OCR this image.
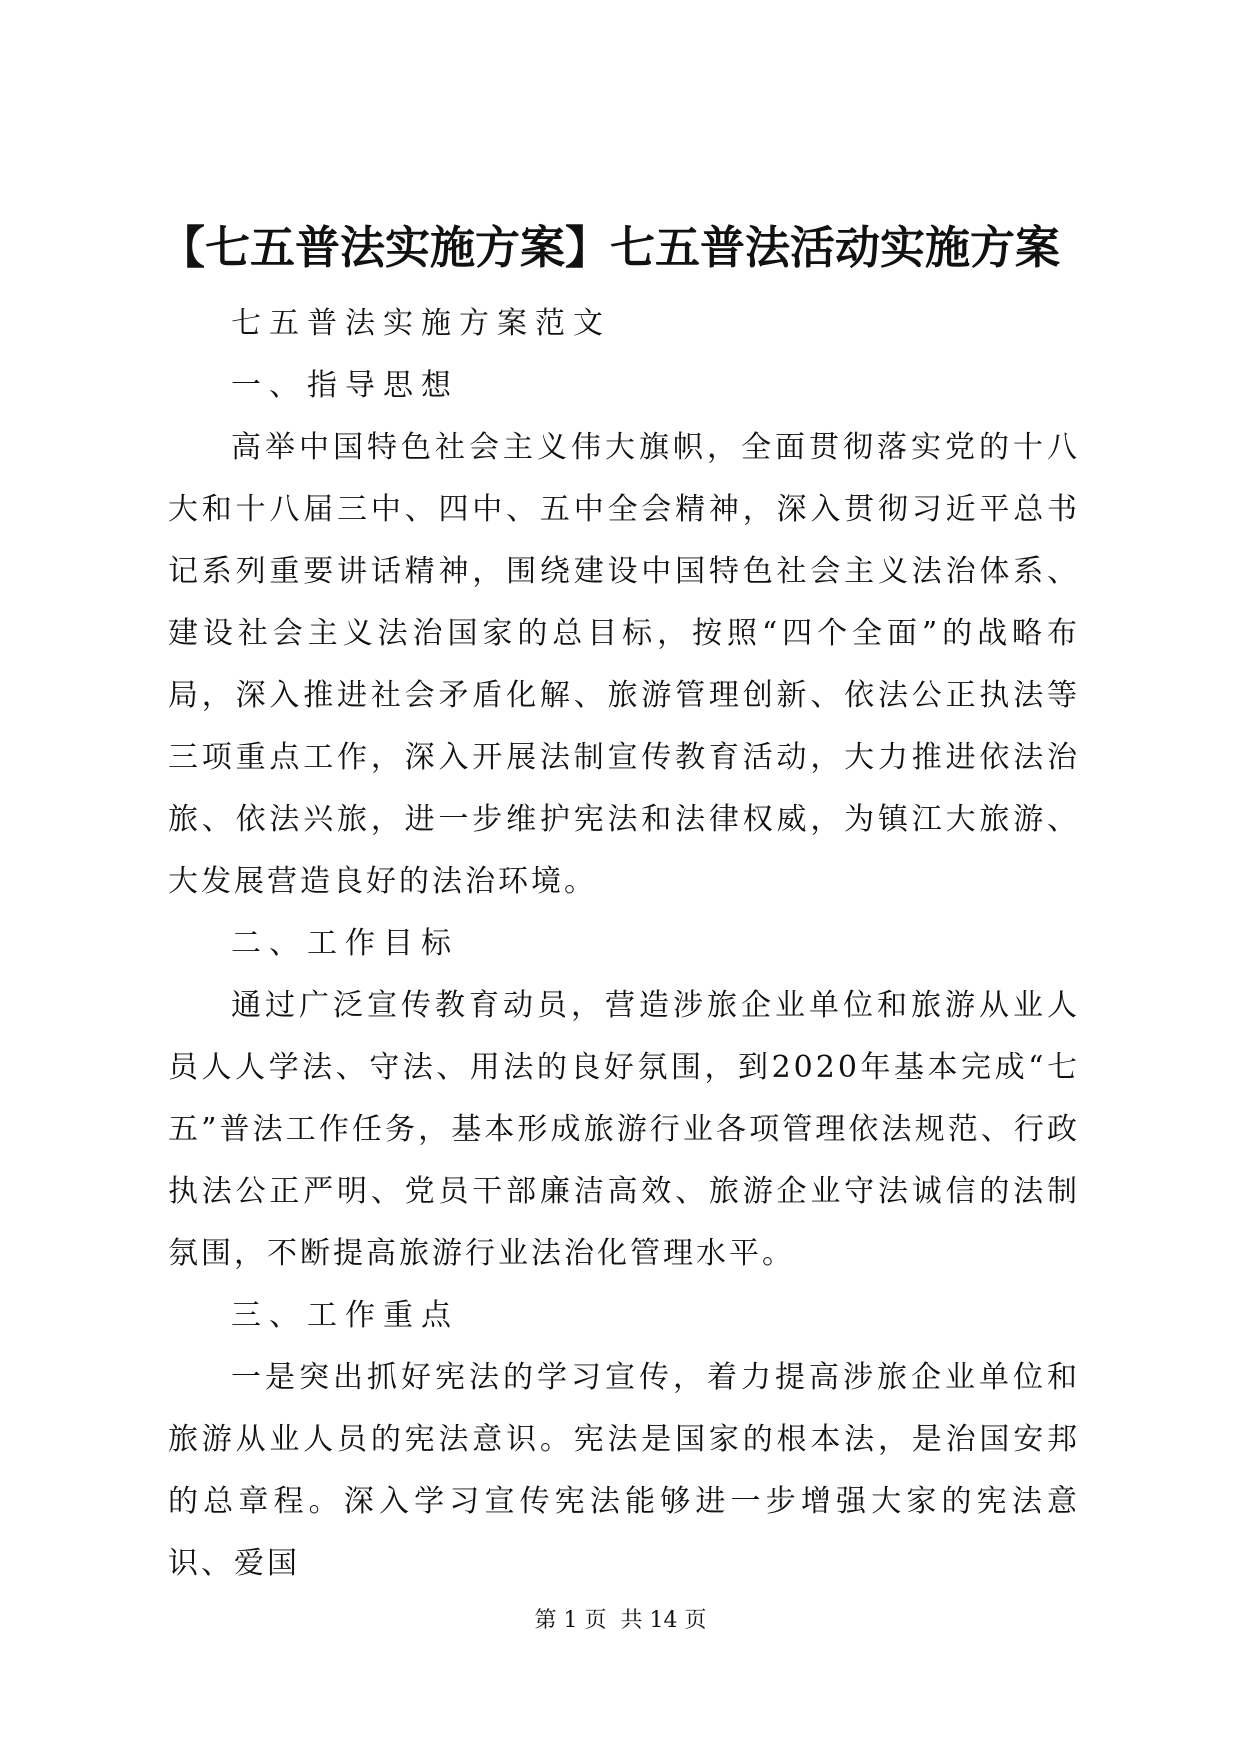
【七五普法实施方案】七五普法活动实施方案

七五普法实施方案范文

一、指导思想

高举中国特色社会主义伟大旗帜，全面贯彻落实党的十八大和十八届三中、四中、五中全会精神，深入贯彻习近平总书记系列重要讲话精神，围绕建设中国特色社会主义法治体系、建设社会主义法治国家的总目标，按照“四个全面”的战略布局，深入推进社会矛盾化解、旅游管理创新、依法公正执法等三项重点工作，深入开展法制宣传教育活动，大力推进依法治旅、依法兴旅，进一步维护宪法和法律权威，为镇江大旅游、大发展营造良好的法治环境。

二、工作目标

通过广泛宣传教育动员，营造涉旅企业单位和旅游从业人员人人学法、守法、用法的良好氛围，到2020年基本完成“七五”普法工作任务，基本形成旅游行业各项管理依法规范、行政执法公正严明、党员干部廉洁高效、旅游企业守法诚信的法制氛围，不断提高旅游行业法治化管理水平。

三、工作重点

一是突出抓好宪法的学习宣传，着力提高涉旅企业单位和旅游从业人员的宪法意识。宪法是国家的根本法，是治国安邦的总章程。深入学习宣传宪法能够进一步增强大家的宪法意识、爱国

第 1 页 共 14 页
